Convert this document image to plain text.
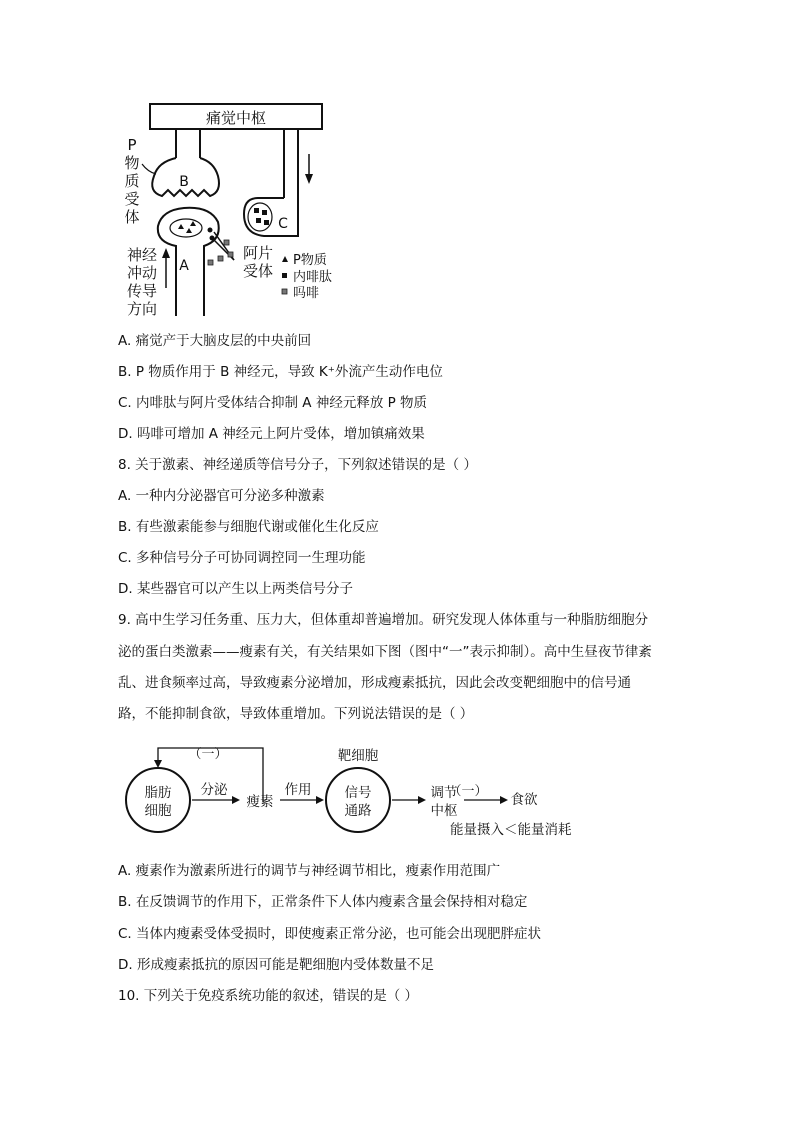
痛觉中枢
B
P
物
质
受
体
A
神经
冲动
传导
方向
C
阿片
受体
P物质
内啡肽
吗啡
A. 痛觉产于大脑皮层的中央前回
B. P 物质作用于 B 神经元，导致 K⁺外流产生动作电位
C. 内啡肽与阿片受体结合抑制 A 神经元释放 P 物质
D. 吗啡可增加 A 神经元上阿片受体，增加镇痛效果
8. 关于激素、神经递质等信号分子，下列叙述错误的是（ ）
A. 一种内分泌器官可分泌多种激素
B. 有些激素能参与细胞代谢或催化生化反应
C. 多种信号分子可协同调控同一生理功能
D. 某些器官可以产生以上两类信号分子
9. 高中生学习任务重、压力大，但体重却普遍增加。研究发现人体体重与一种脂肪细胞分
泌的蛋白类激素——瘦素有关，有关结果如下图（图中“一”表示抑制）。高中生昼夜节律紊
乱、进食频率过高，导致瘦素分泌增加，形成瘦素抵抗，因此会改变靶细胞中的信号通
路，不能抑制食欲，导致体重增加。下列说法错误的是（ ）
（一）
脂肪
细胞
分泌
瘦素
作用
靶细胞
信号
通路
调节
中枢
（一）
食欲
能量摄入＜能量消耗
A. 瘦素作为激素所进行的调节与神经调节相比，瘦素作用范围广
B. 在反馈调节的作用下，正常条件下人体内瘦素含量会保持相对稳定
C. 当体内瘦素受体受损时，即使瘦素正常分泌，也可能会出现肥胖症状
D. 形成瘦素抵抗的原因可能是靶细胞内受体数量不足
10. 下列关于免疫系统功能的叙述，错误的是（ ）
